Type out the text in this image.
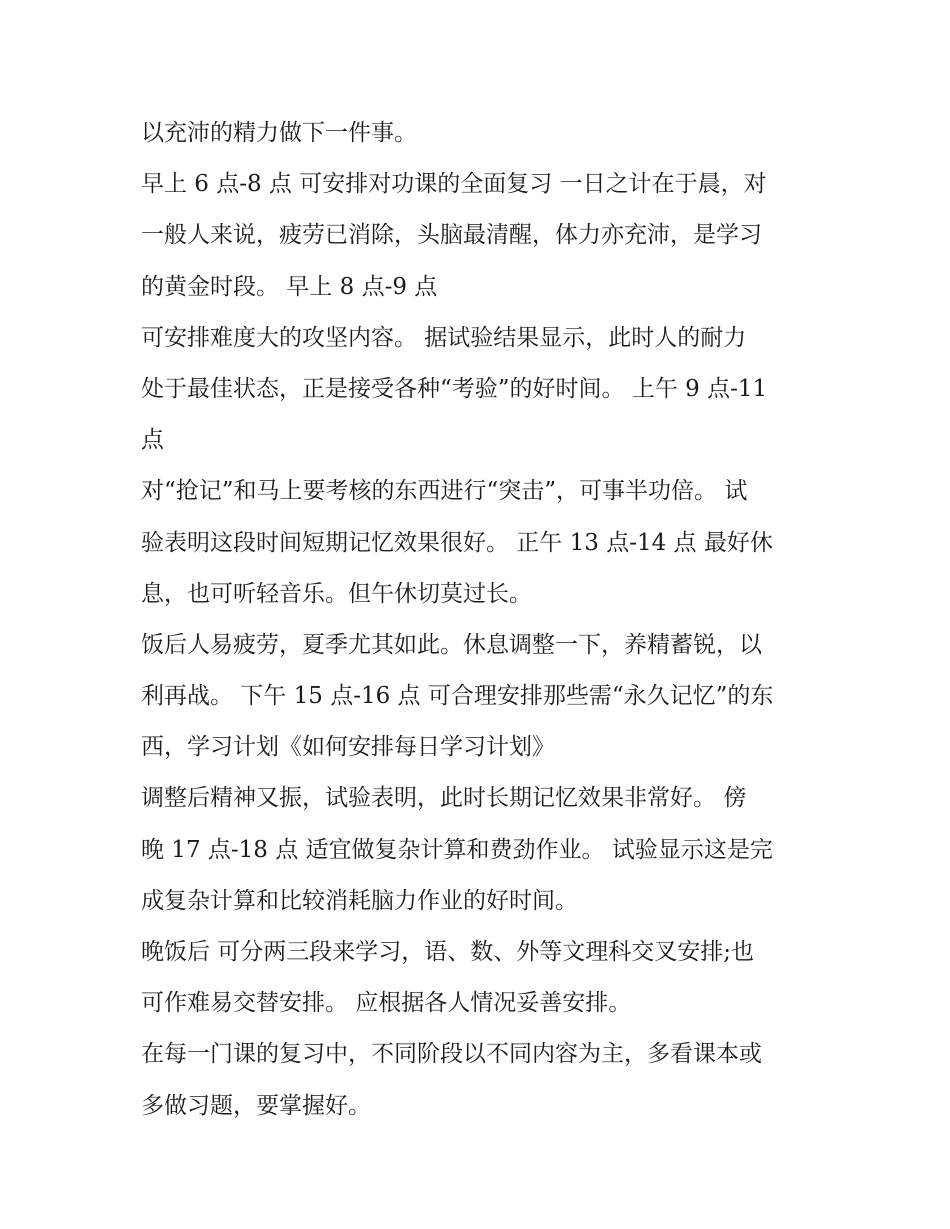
以充沛的精力做下一件事。
早上 6 点-8 点 可安排对功课的全面复习 一日之计在于晨，对
一般人来说，疲劳已消除，头脑最清醒，体力亦充沛，是学习
的黄金时段。 早上 8 点-9 点
可安排难度大的攻坚内容。 据试验结果显示，此时人的耐力
处于最佳状态，正是接受各种“考验”的好时间。 上午 9 点-11
点
对“抢记”和马上要考核的东西进行“突击”，可事半功倍。 试
验表明这段时间短期记忆效果很好。 正午 13 点-14 点 最好休
息，也可听轻音乐。但午休切莫过长。
饭后人易疲劳，夏季尤其如此。休息调整一下，养精蓄锐，以
利再战。 下午 15 点-16 点 可合理安排那些需“永久记忆”的东
西，学习计划《如何安排每日学习计划》
调整后精神又振，试验表明，此时长期记忆效果非常好。 傍
晚 17 点-18 点 适宜做复杂计算和费劲作业。 试验显示这是完
成复杂计算和比较消耗脑力作业的好时间。
晚饭后 可分两三段来学习，语、数、外等文理科交叉安排;也
可作难易交替安排。 应根据各人情况妥善安排。
在每一门课的复习中，不同阶段以不同内容为主，多看课本或
多做习题，要掌握好。
